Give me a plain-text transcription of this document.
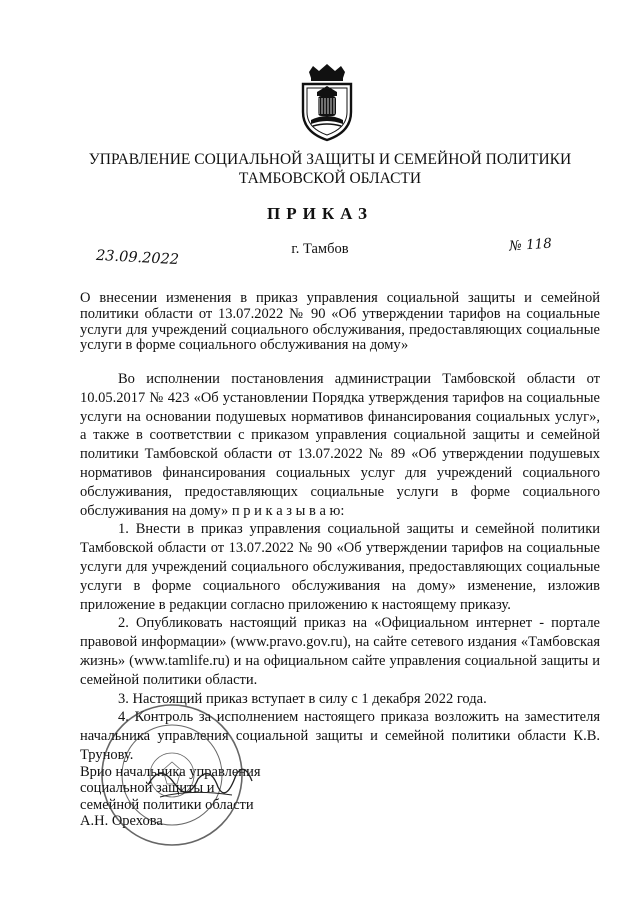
УПРАВЛЕНИЕ СОЦИАЛЬНОЙ ЗАЩИТЫ И СЕМЕЙНОЙ ПОЛИТИКИ
ТАМБОВСКОЙ ОБЛАСТИ
ПРИКАЗ
г. Тамбов
23.09.2022
№ 118
О внесении изменения в приказ управления социальной защиты и семейной политики области от 13.07.2022 № 90 «Об утверждении тарифов на социальные услуги для учреждений социального обслуживания, предоставляющих социальные услуги в форме социального обслуживания на дому»

Во исполнении постановления администрации Тамбовской области от 10.05.2017 № 423 «Об установлении Порядка утверждения тарифов на социальные услуги на основании подушевых нормативов финансирования социальных услуг», а также в соответствии с приказом управления социальной защиты и семейной политики Тамбовской области от 13.07.2022 № 89 «Об утверждении подушевых нормативов финансирования социальных услуг для учреждений социального обслуживания, предоставляющих социальные услуги в форме социального обслуживания на дому» п р и к а з ы в а ю:

1. Внести в приказ управления социальной защиты и семейной политики Тамбовской области от 13.07.2022 № 90 «Об утверждении тарифов на социальные услуги для учреждений социального обслуживания, предоставляющих социальные услуги в форме социального обслуживания на дому» изменение, изложив приложение в редакции согласно приложению к настоящему приказу.

2. Опубликовать настоящий приказ на «Официальном интернет - портале правовой информации» (www.pravo.gov.ru), на сайте сетевого издания «Тамбовская жизнь» (www.tamlife.ru) и на официальном сайте управления социальной защиты и семейной политики области.

3. Настоящий приказ вступает в силу с 1 декабря 2022 года.

4. Контроль за исполнением настоящего приказа возложить на заместителя начальника управления социальной защиты и семейной политики области К.В. Трунову.

Врио начальника управления
социальной защиты и
семейной политики области
А.Н. Орехова
